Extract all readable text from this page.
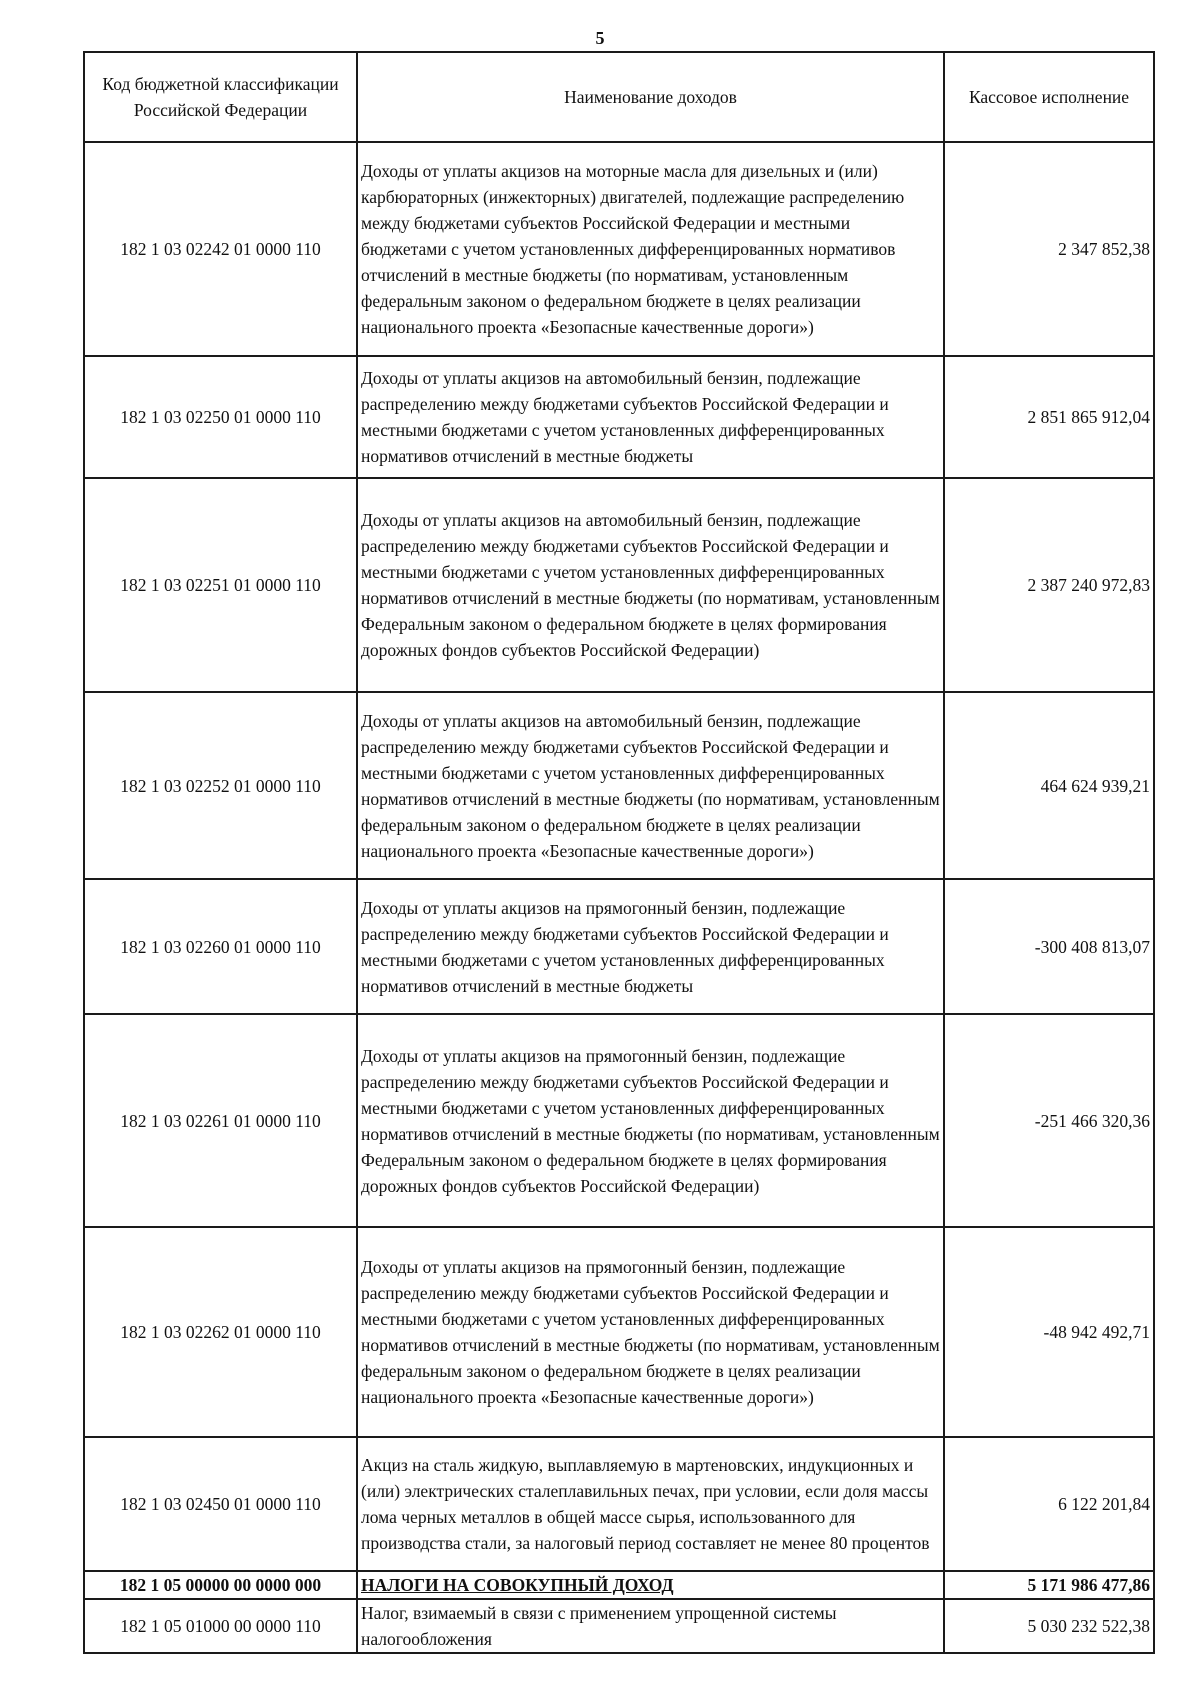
5
Код бюджетной классификации Российской Федерации	Наименование доходов	Кассовое исполнение
182 1 03 02242 01 0000 110	Доходы от уплаты акцизов на моторные масла для дизельных и (или) карбюраторных (инжекторных) двигателей, подлежащие распределению между бюджетами субъектов Российской Федерации и местными бюджетами с учетом установленных дифференцированных нормативов отчислений в местные бюджеты (по нормативам, установленным федеральным законом о федеральном бюджете в целях реализации национального проекта «Безопасные качественные дороги»)	2 347 852,38
182 1 03 02250 01 0000 110	Доходы от уплаты акцизов на автомобильный бензин, подлежащие распределению между бюджетами субъектов Российской Федерации и местными бюджетами с учетом установленных дифференцированных нормативов отчислений в местные бюджеты	2 851 865 912,04
182 1 03 02251 01 0000 110	Доходы от уплаты акцизов на автомобильный бензин, подлежащие распределению между бюджетами субъектов Российской Федерации и местными бюджетами с учетом установленных дифференцированных нормативов отчислений в местные бюджеты (по нормативам, установленным Федеральным законом о федеральном бюджете в целях формирования дорожных фондов субъектов Российской Федерации)	2 387 240 972,83
182 1 03 02252 01 0000 110	Доходы от уплаты акцизов на автомобильный бензин, подлежащие распределению между бюджетами субъектов Российской Федерации и местными бюджетами с учетом установленных дифференцированных нормативов отчислений в местные бюджеты (по нормативам, установленным федеральным законом о федеральном бюджете в целях реализации национального проекта «Безопасные качественные дороги»)	464 624 939,21
182 1 03 02260 01 0000 110	Доходы от уплаты акцизов на прямогонный бензин, подлежащие распределению между бюджетами субъектов Российской Федерации и местными бюджетами с учетом установленных дифференцированных нормативов отчислений в местные бюджеты	-300 408 813,07
182 1 03 02261 01 0000 110	Доходы от уплаты акцизов на прямогонный бензин, подлежащие распределению между бюджетами субъектов Российской Федерации и местными бюджетами с учетом установленных дифференцированных нормативов отчислений в местные бюджеты (по нормативам, установленным Федеральным законом о федеральном бюджете в целях формирования дорожных фондов субъектов Российской Федерации)	-251 466 320,36
182 1 03 02262 01 0000 110	Доходы от уплаты акцизов на прямогонный бензин, подлежащие распределению между бюджетами субъектов Российской Федерации и местными бюджетами с учетом установленных дифференцированных нормативов отчислений в местные бюджеты (по нормативам, установленным федеральным законом о федеральном бюджете в целях реализации национального проекта «Безопасные качественные дороги»)	-48 942 492,71
182 1 03 02450 01 0000 110	Акциз на сталь жидкую, выплавляемую в мартеновских, индукционных и (или) электрических сталеплавильных печах, при условии, если доля массы лома черных металлов в общей массе сырья, использованного для производства стали, за налоговый период составляет не менее 80 процентов	6 122 201,84
182 1 05 00000 00 0000 000	НАЛОГИ НА СОВОКУПНЫЙ ДОХОД	5 171 986 477,86
182 1 05 01000 00 0000 110	Налог, взимаемый в связи с применением упрощенной системы налогообложения	5 030 232 522,38
